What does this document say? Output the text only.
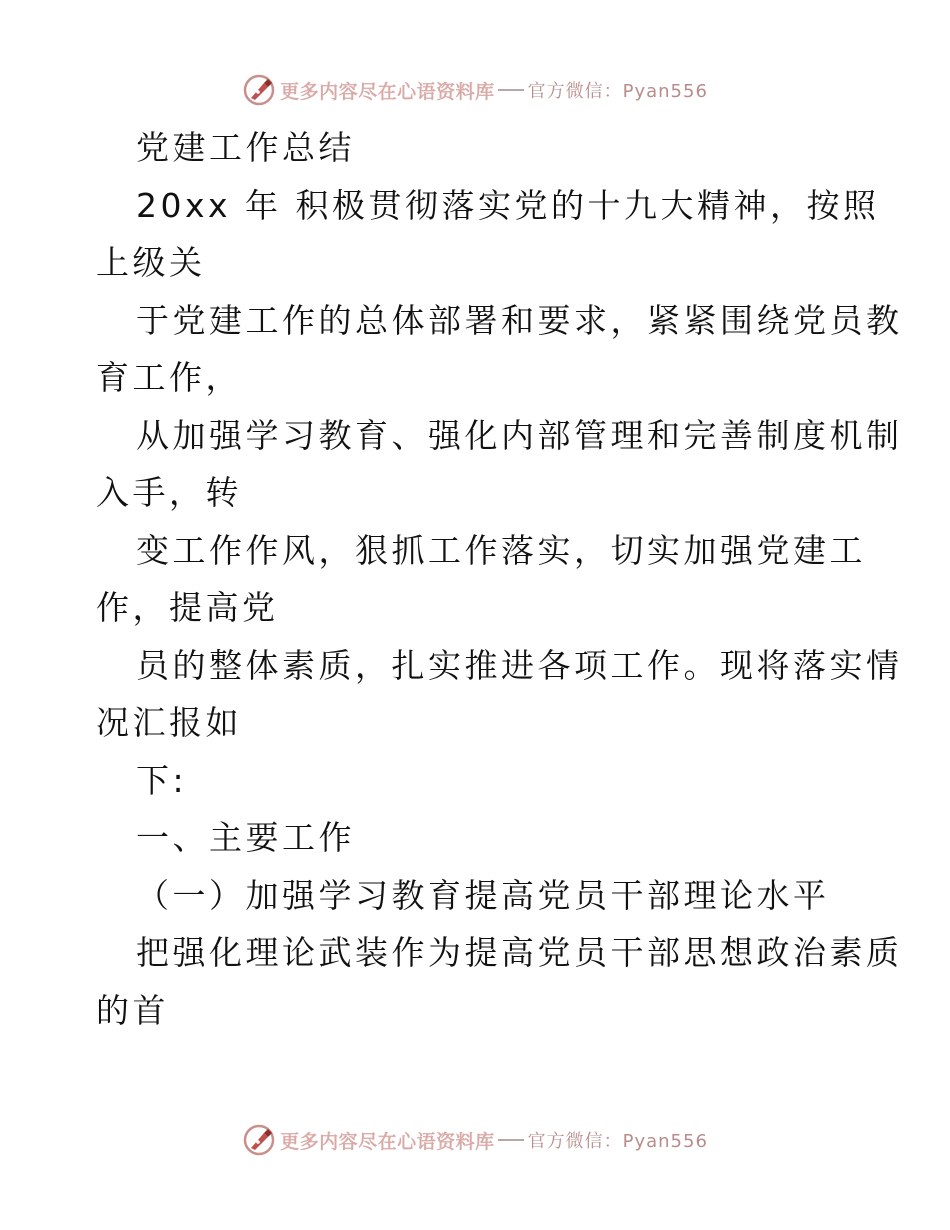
更多内容尽在心语资料库 官方微信：Pyan556
党建工作总结
20xx 年 积极贯彻落实党的十九大精神，按照
上级关
于党建工作的总体部署和要求，紧紧围绕党员教
育工作，
从加强学习教育、强化内部管理和完善制度机制
入手，转
变工作作风，狠抓工作落实，切实加强党建工
作，提高党
员的整体素质，扎实推进各项工作。现将落实情
况汇报如
下:
一、主要工作
（一）加强学习教育提高党员干部理论水平
把强化理论武装作为提高党员干部思想政治素质
的首
更多内容尽在心语资料库 官方微信：Pyan556
